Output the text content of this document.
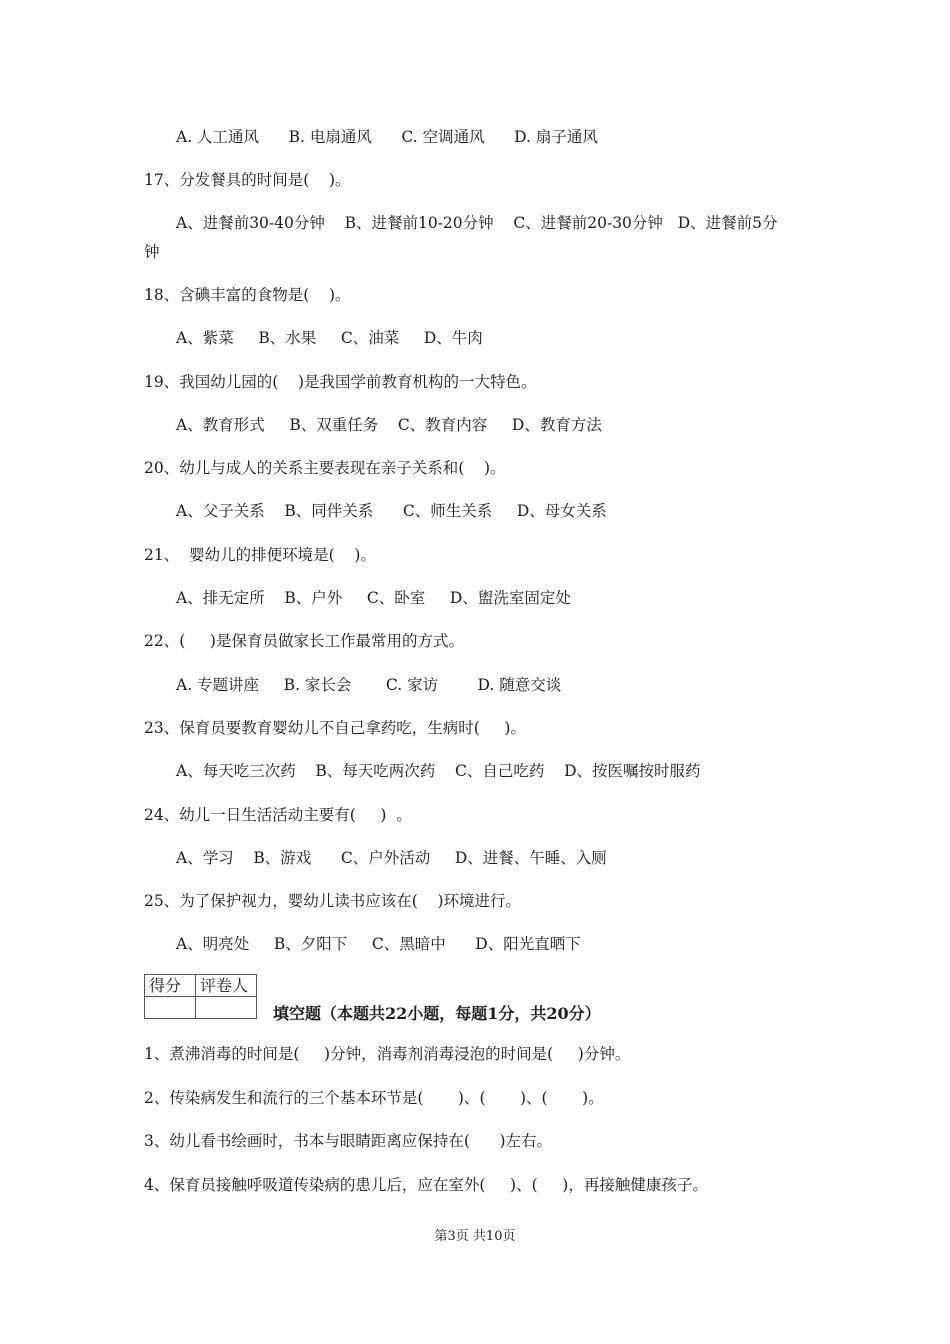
A. 人工通风      B. 电扇通风      C. 空调通风      D. 扇子通风
17、分发餐具的时间是(    )。
A、进餐前30-40分钟    B、进餐前10-20分钟    C、进餐前20-30分钟   D、进餐前5分
钟
18、含碘丰富的食物是(    )。
A、紫菜     B、水果     C、油菜     D、牛肉
19、我国幼儿园的(    )是我国学前教育机构的一大特色。
A、教育形式     B、双重任务    C、教育内容     D、教育方法
20、幼儿与成人的关系主要表现在亲子关系和(    )。
A、父子关系    B、同伴关系      C、师生关系     D、母女关系
21、  婴幼儿的排便环境是(    )。
A、排无定所    B、户外     C、卧室     D、盥洗室固定处
22、(     )是保育员做家长工作最常用的方式。
A. 专题讲座     B. 家长会       C. 家访        D. 随意交谈
23、保育员要教育婴幼儿不自己拿药吃，生病时(     )。
A、每天吃三次药    B、每天吃两次药    C、自己吃药    D、按医嘱按时服药
24、幼儿一日生活活动主要有(     )  。
A、学习    B、游戏      C、户外活动     D、进餐、午睡、入厕
25、为了保护视力，婴幼儿读书应该在(    )环境进行。
A、明亮处     B、夕阳下     C、黑暗中      D、阳光直晒下
得分	评卷人

填空题（本题共22小题，每题1分，共20分）
1、煮沸消毒的时间是(     )分钟，消毒剂消毒浸泡的时间是(     )分钟。
2、传染病发生和流行的三个基本环节是(       )、(       )、(       )。
3、幼儿看书绘画时，书本与眼睛距离应保持在(      )左右。
4、保育员接触呼吸道传染病的患儿后，应在室外(     )、(     )，再接触健康孩子。
第3页 共10页
